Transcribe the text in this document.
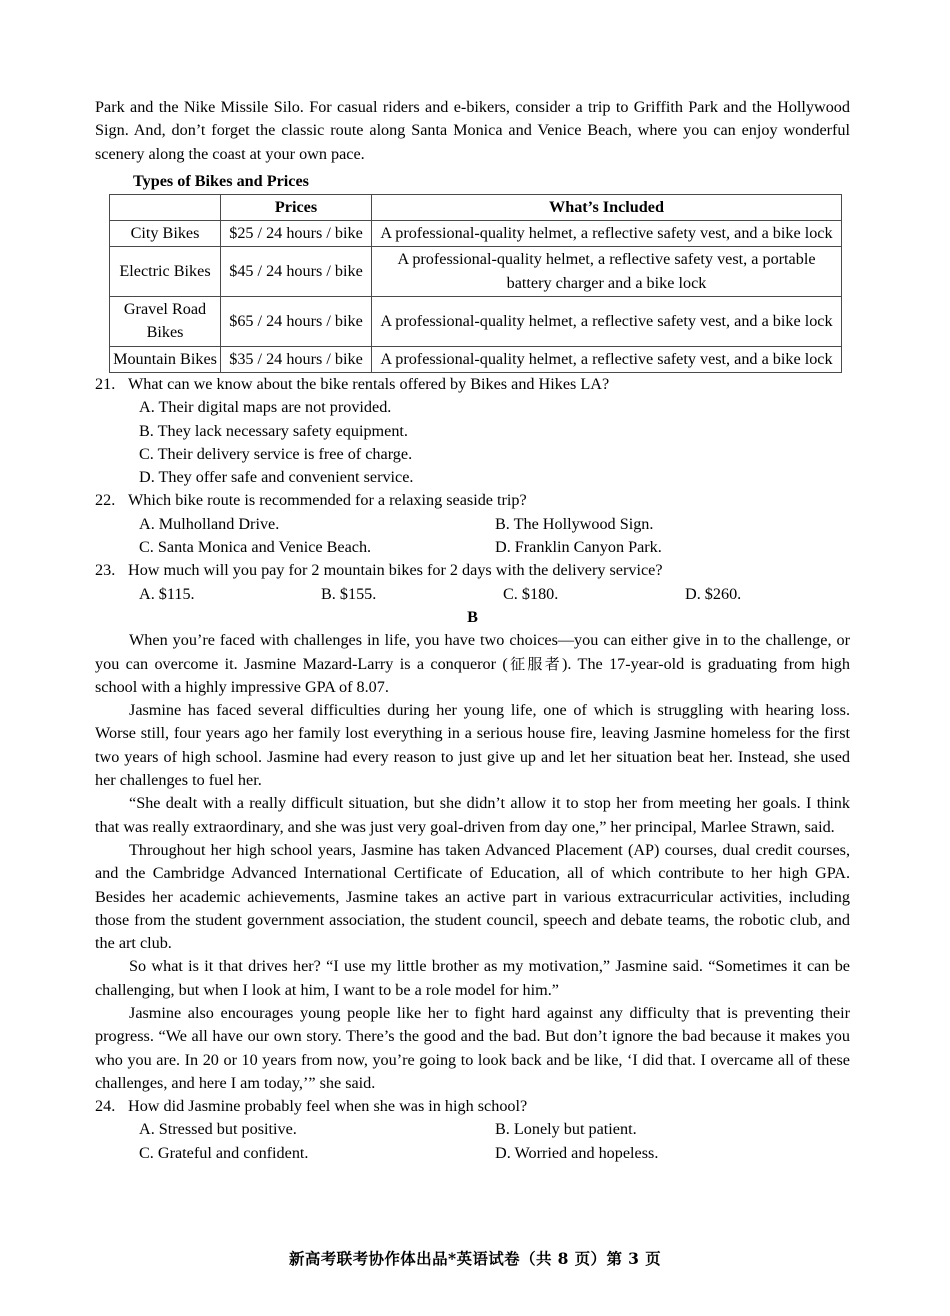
Park and the Nike Missile Silo. For casual riders and e-bikers, consider a trip to Griffith Park and the Hollywood Sign. And, don’t forget the classic route along Santa Monica and Venice Beach, where you can enjoy wonderful scenery along the coast at your own pace.

Types of Bikes and Prices
	Prices	What’s Included
City Bikes	$25 / 24 hours / bike	A professional-quality helmet, a reflective safety vest, and a bike lock
Electric Bikes	$45 / 24 hours / bike	A professional-quality helmet, a reflective safety vest, a portable battery charger and a bike lock
Gravel Road Bikes	$65 / 24 hours / bike	A professional-quality helmet, a reflective safety vest, and a bike lock
Mountain Bikes	$35 / 24 hours / bike	A professional-quality helmet, a reflective safety vest, and a bike lock
21. What can we know about the bike rentals offered by Bikes and Hikes LA?
A. Their digital maps are not provided.
B. They lack necessary safety equipment.
C. Their delivery service is free of charge.
D. They offer safe and convenient service.
22. Which bike route is recommended for a relaxing seaside trip?
A. Mulholland Drive.	B. The Hollywood Sign.
C. Santa Monica and Venice Beach.	D. Franklin Canyon Park.
23. How much will you pay for 2 mountain bikes for 2 days with the delivery service?
A. $115.	B. $155.	C. $180.	D. $260.
B

When you’re faced with challenges in life, you have two choices—you can either give in to the challenge, or you can overcome it. Jasmine Mazard-Larry is a conqueror (征服者). The 17-year-old is graduating from high school with a highly impressive GPA of 8.07.

Jasmine has faced several difficulties during her young life, one of which is struggling with hearing loss. Worse still, four years ago her family lost everything in a serious house fire, leaving Jasmine homeless for the first two years of high school. Jasmine had every reason to just give up and let her situation beat her. Instead, she used her challenges to fuel her.

“She dealt with a really difficult situation, but she didn’t allow it to stop her from meeting her goals. I think that was really extraordinary, and she was just very goal-driven from day one,” her principal, Marlee Strawn, said.

Throughout her high school years, Jasmine has taken Advanced Placement (AP) courses, dual credit courses, and the Cambridge Advanced International Certificate of Education, all of which contribute to her high GPA. Besides her academic achievements, Jasmine takes an active part in various extracurricular activities, including those from the student government association, the student council, speech and debate teams, the robotic club, and the art club.

So what is it that drives her? “I use my little brother as my motivation,” Jasmine said. “Sometimes it can be challenging, but when I look at him, I want to be a role model for him.”

Jasmine also encourages young people like her to fight hard against any difficulty that is preventing their progress. “We all have our own story. There’s the good and the bad. But don’t ignore the bad because it makes you who you are. In 20 or 10 years from now, you’re going to look back and be like, ‘I did that. I overcame all of these challenges, and here I am today,’” she said.

24. How did Jasmine probably feel when she was in high school?
A. Stressed but positive.	B. Lonely but patient.
C. Grateful and confident.	D. Worried and hopeless.
新高考联考协作体出品*英语试卷（共 8 页）第 3 页
